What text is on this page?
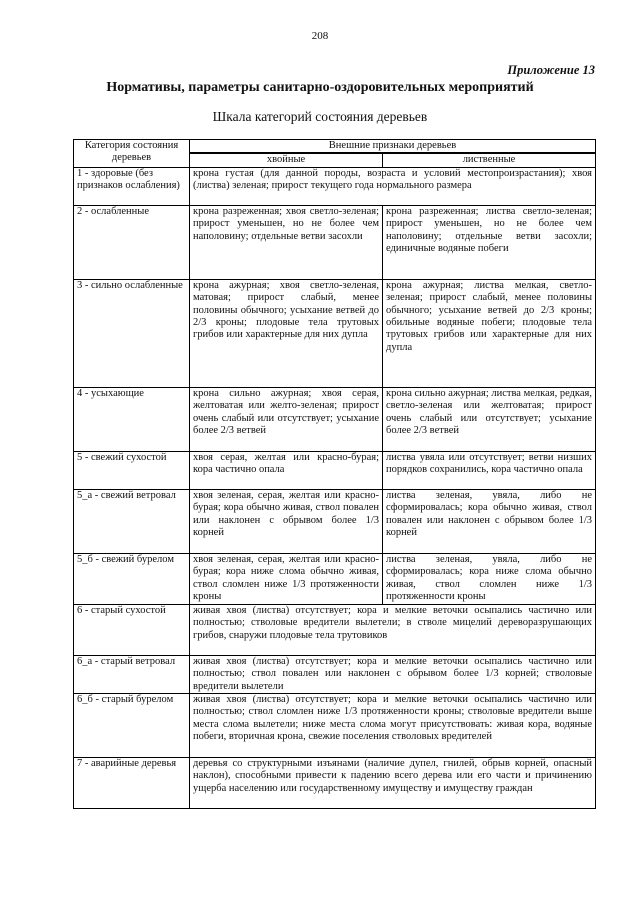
208
Приложение 13
Нормативы, параметры санитарно-оздоровительных мероприятий
Шкала категорий состояния деревьев
Категория состояния деревьев	Внешние признаки деревьев	
	хвойные	лиственные
1 - здоровые (без признаков ослабления)	крона густая (для данной породы, возраста и условий местопроизрастания); хвоя (листва) зеленая; прирост текущего года нормального размера	
2 - ослабленные	крона разреженная; хвоя светло-зеленая; прирост уменьшен, но не более чем наполовину; отдельные ветви засохли	крона разреженная; листва светло-зеленая; прирост уменьшен, но не более чем наполовину; отдельные ветви засохли; единичные водяные побеги
3 - сильно ослабленные	крона ажурная; хвоя светло-зеленая, матовая; прирост слабый, менее половины обычного; усыхание ветвей до 2/3 кроны; плодовые тела трутовых грибов или характерные для них дупла	крона ажурная; листва мелкая, светло-зеленая; прирост слабый, менее половины обычного; усыхание ветвей до 2/3 кроны; обильные водяные побеги; плодовые тела трутовых грибов или характерные для них дупла
4 - усыхающие	крона сильно ажурная; хвоя серая, желтоватая или желто-зеленая; прирост очень слабый или отсутствует; усыхание более 2/3 ветвей	крона сильно ажурная; листва мелкая, редкая, светло-зеленая или желтоватая; прирост очень слабый или отсутствует; усыхание более 2/3 ветвей
5 - свежий сухостой	хвоя серая, желтая или красно-бурая; кора частично опала	листва увяла или отсутствует; ветви низших порядков сохранились, кора частично опала
5_а - свежий ветровал	хвоя зеленая, серая, желтая или красно-бурая; кора обычно живая, ствол повален или наклонен с обрывом более 1/3 корней	листва зеленая, увяла, либо не сформировалась; кора обычно живая, ствол повален или наклонен с обрывом более 1/3 корней
5_б - свежий бурелом	хвоя зеленая, серая, желтая или красно-бурая; кора ниже слома обычно живая, ствол сломлен ниже 1/3 протяженности кроны	листва зеленая, увяла, либо не сформировалась; кора ниже слома обычно живая, ствол сломлен ниже 1/3 протяженности кроны
6 - старый сухостой	живая хвоя (листва) отсутствует; кора и мелкие веточки осыпались частично или полностью; стволовые вредители вылетели; в стволе мицелий дереворазрушающих грибов, снаружи плодовые тела трутовиков	
6_а - старый ветровал	живая хвоя (листва) отсутствует; кора и мелкие веточки осыпались частично или полностью; ствол повален или наклонен с обрывом более 1/3 корней; стволовые вредители вылетели	
6_б - старый бурелом	живая хвоя (листва) отсутствует; кора и мелкие веточки осыпались частично или полностью; ствол сломлен ниже 1/3 протяженности кроны; стволовые вредители выше места слома вылетели; ниже места слома могут присутствовать: живая кора, водяные побеги, вторичная крона, свежие поселения стволовых вредителей	
7 - аварийные деревья	деревья со структурными изъянами (наличие дупел, гнилей, обрыв корней, опасный наклон), способными привести к падению всего дерева или его части и причинению ущерба населению или государственному имуществу и имуществу граждан	
